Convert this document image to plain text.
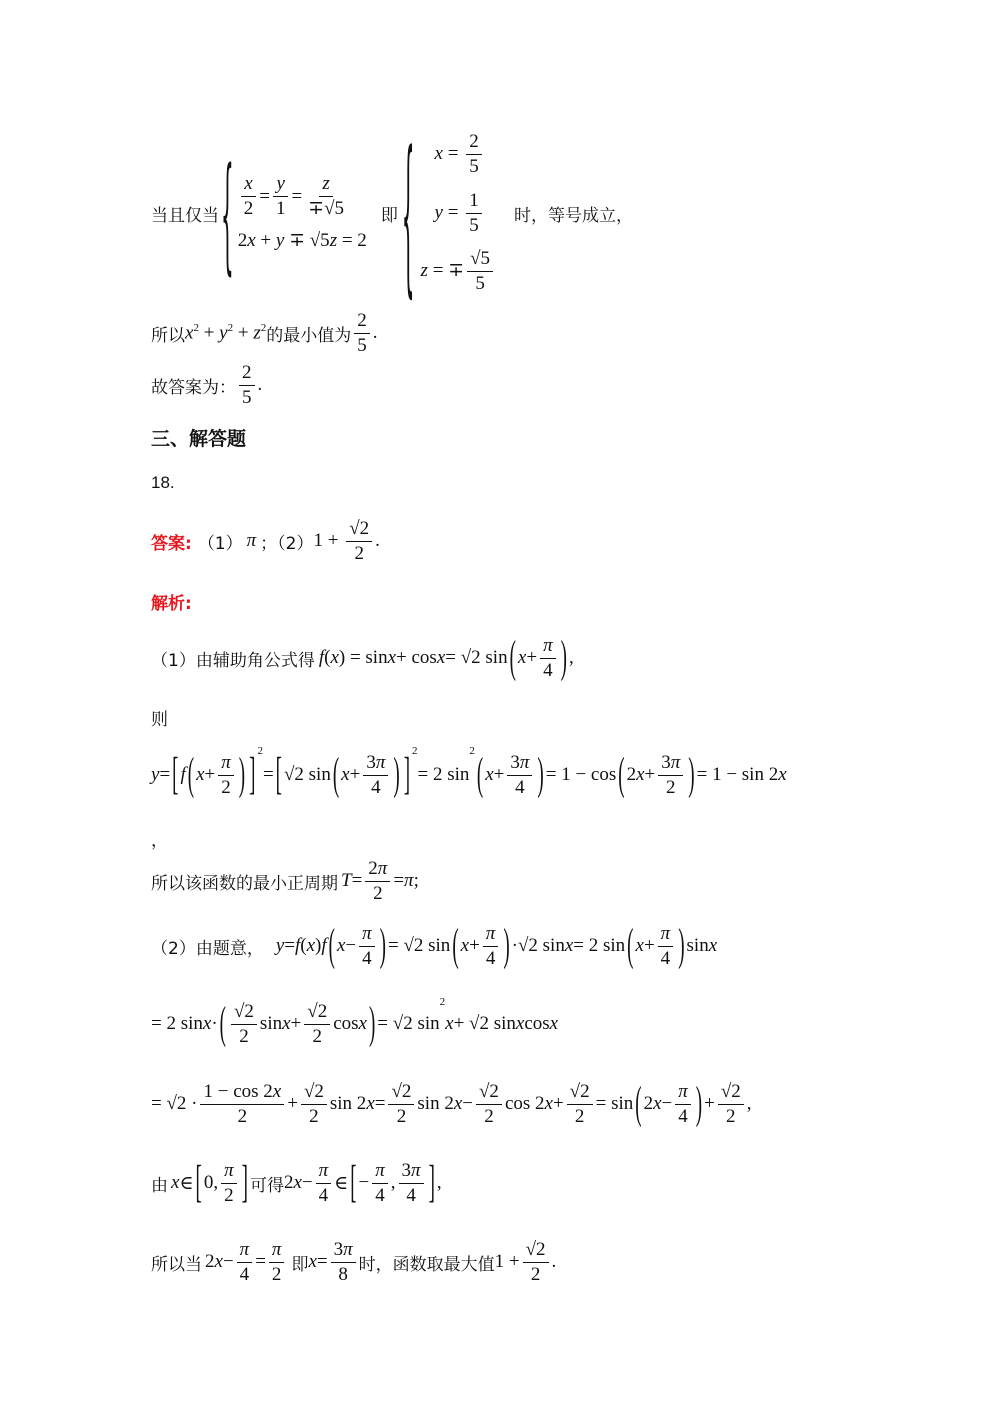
当且仅当 { $\frac{x}{2} = \frac{y}{1} = \frac{z}{\mp√5}$
2x + y ∓ √5z = 2
即 { $x = \frac{2}{5}$
$y = \frac{1}{5}$
z = ∓ $\frac{√5}{5}$
时，等号成立，
所以 $x^2 + y^2 + z^2$ 的最小值为 $\frac{2}{5}$ .
故答案为： $\frac{2}{5}$ .
三、解答题
18.
答案: （1） π ；（2） $1 + \frac{√2}{2}$ .
解析:
（1）由辅助角公式得 f ( x ) = sin x + cos x = √2 sin ( $x + \frac{\pi}{4}$ ) ,
则
y = [ f ( $x + \frac{\pi}{2}$ ) ]$^2$
= [ √2 sin ( $x + \frac{3\pi}{4}$ ) ]$^2$
= 2 sin
2 ( $x + \frac{3\pi}{4}$ ) = 1 − cos ( 2 $x + \frac{3\pi}{2}$ ) = 1 − sin 2 x
，
所以该函数的最小正周期 $T = \frac{2\pi}{2} = \pi$ ;
（2）由题意， y = f ( x ) f ( $x - \frac{\pi}{4}$ ) = √2 sin ( $x + \frac{\pi}{4}$ ) ·√2 sin x = 2 sin ( $x + \frac{\pi}{4}$ ) sin x
= 2 sin x · ( $\frac{√2}{2}$ $\sin x + \frac{√2}{2}$ cos x ) = √2 sin
$^2$
x + √2 sin x cos x
= $√2 \cdot \frac{1 - \cos 2x}{2} + \frac{√2}{2}$ sin 2 $x = \frac{√2}{2}$ sin 2 $x - \frac{√2}{2}$ cos 2 $x + \frac{√2}{2} = \sin$ ( 2 $x - \frac{\pi}{4}$ ) + $\frac{√2}{2}$ ,
由 x ∈ [ 0, $\frac{\pi}{2}$ ] 可得 2 $x - \frac{\pi}{4}$ ∈ [ − $\frac{\pi}{4}$ , $\frac{3\pi}{4}$ ] ,
所以当 2 $x - \frac{\pi}{4} = \frac{\pi}{2}$ 即 $x = \frac{3\pi}{8}$ 时，函数取最大值 $1 + \frac{√2}{2}$ .
